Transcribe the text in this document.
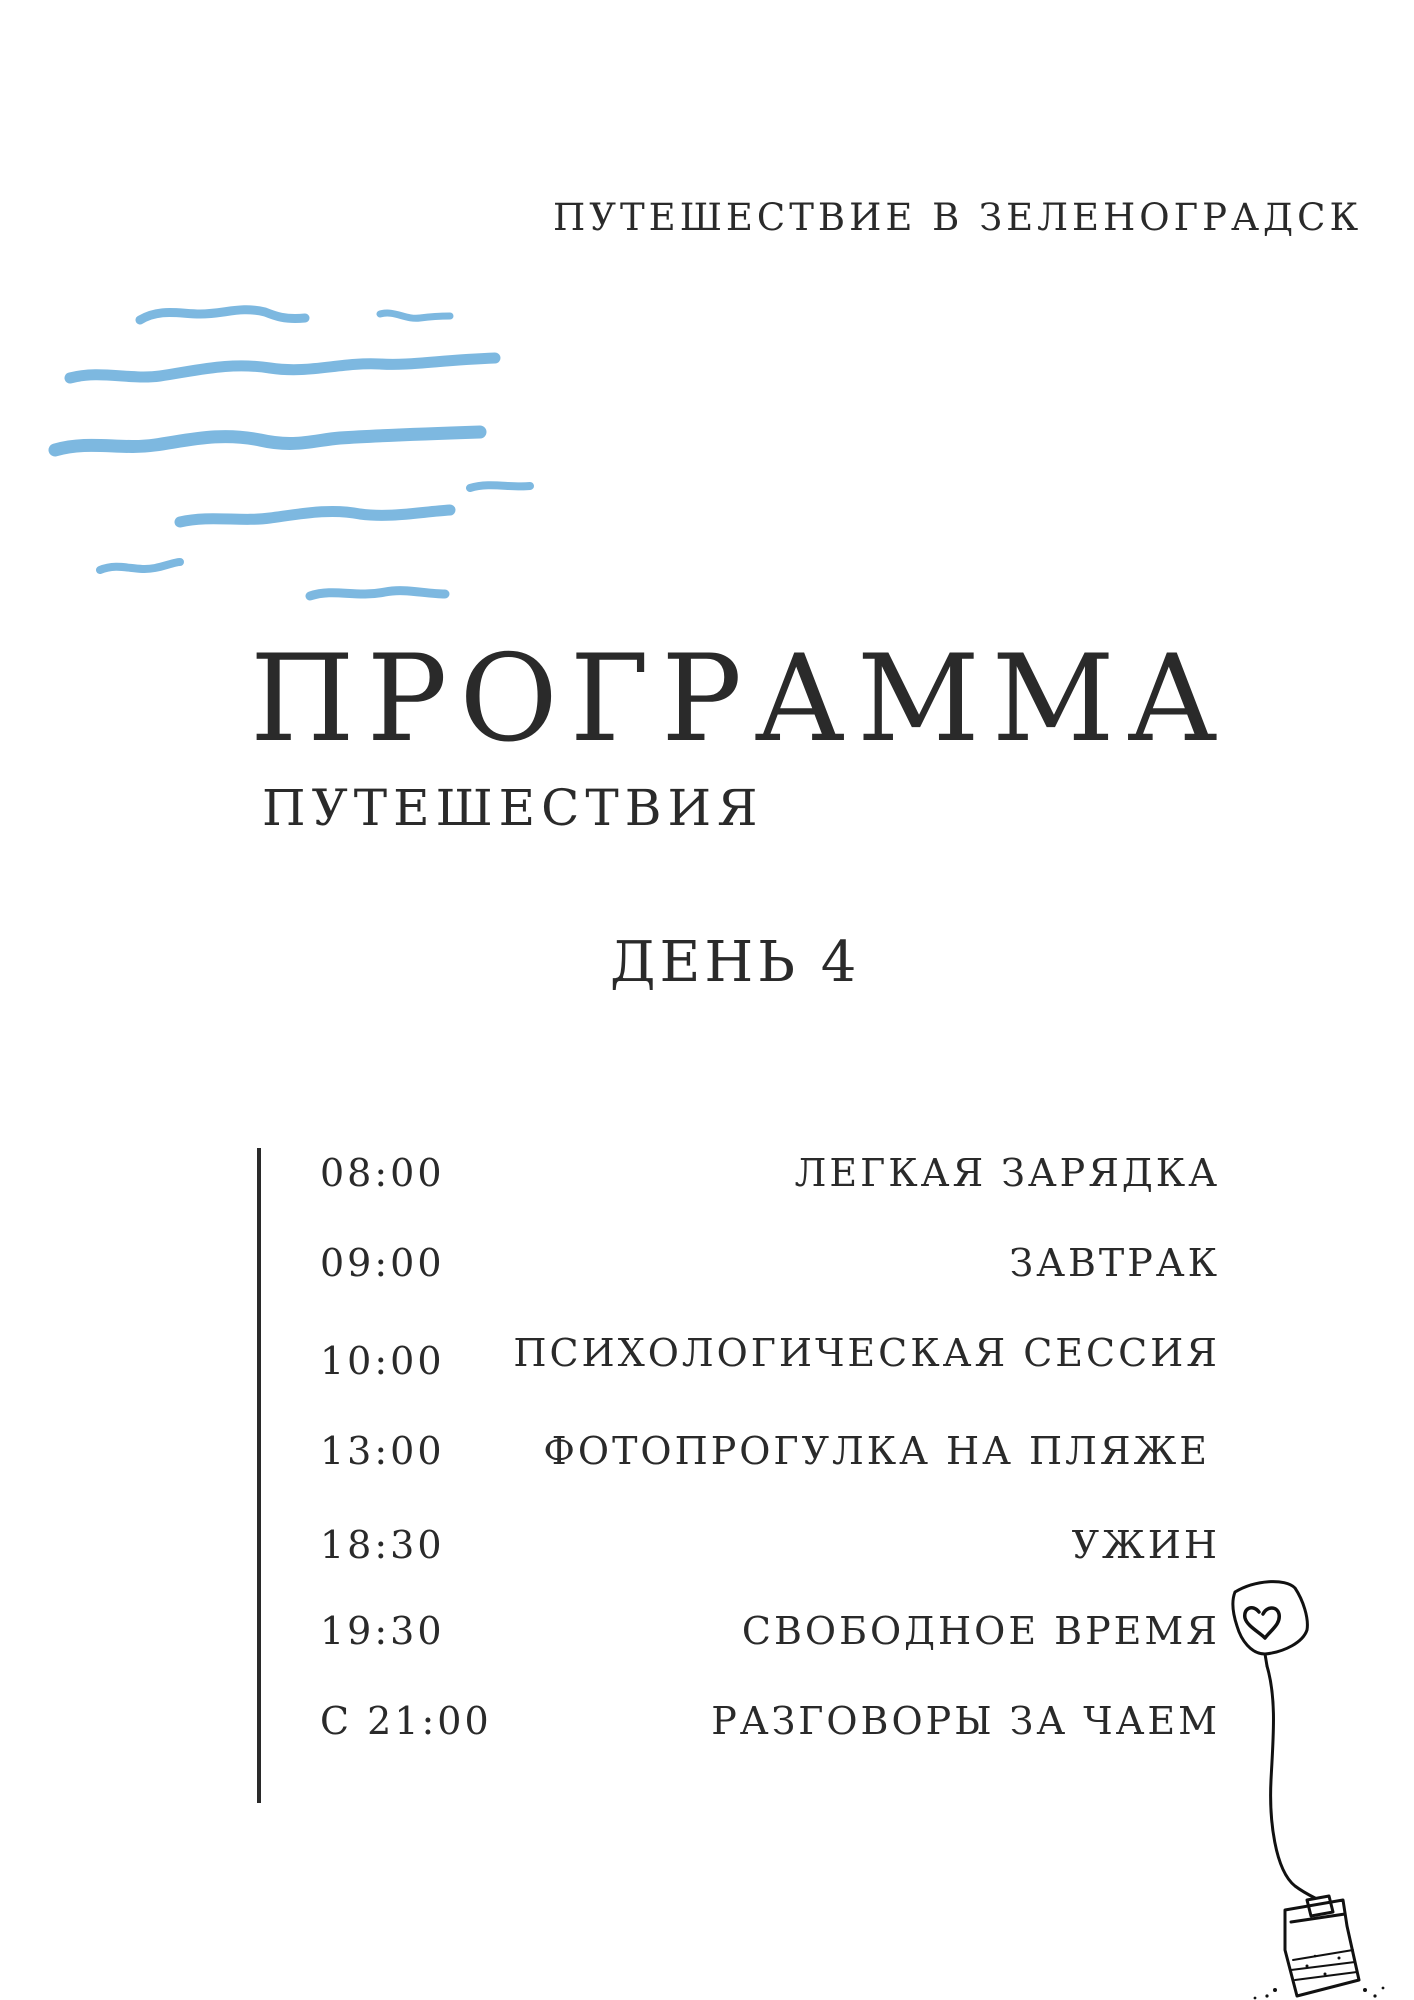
ПУТЕШЕСТВИЕ В ЗЕЛЕНОГРАДСК
ПРОГРАММА
ПУТЕШЕСТВИЯ
ДЕНЬ 4
08:00	ЛЕГКАЯ ЗАРЯДКА
09:00	ЗАВТРАК
10:00 ПСИХОЛОГИЧЕСКАЯ СЕССИЯ
13:00	ФОТОПРОГУЛКА НА ПЛЯЖЕ
18:30	УЖИН
19:30	СВОБОДНОЕ ВРЕМЯ
С 21:00	РАЗГОВОРЫ ЗА ЧАЕМ
